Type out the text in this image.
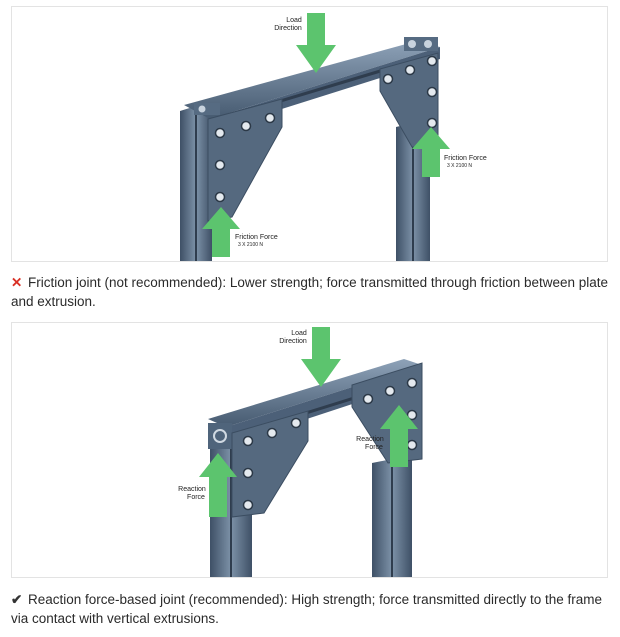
Load
Direction
Friction Force
3 X 2100 N
Friction Force
3 X 2100 N
✕ Friction joint (not recommended): Lower strength; force transmitted through friction between plate and extrusion.
Load
Direction
Reaction
Force
Reaction
Force
✔ Reaction force-based joint (recommended): High strength; force transmitted directly to the frame via contact with vertical extrusions.
